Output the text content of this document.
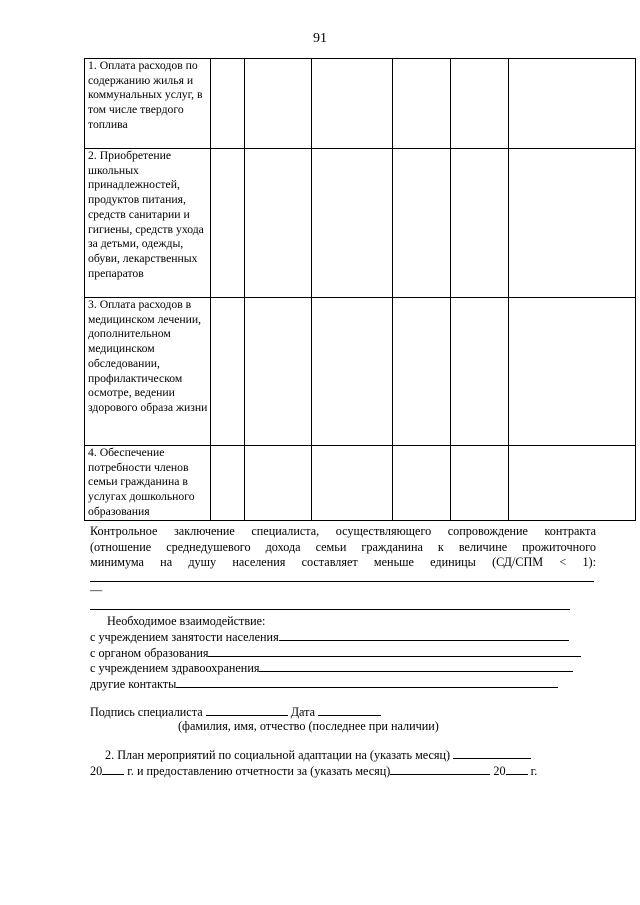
91
1. Оплата расходов по содержанию жилья и коммунальных услуг, в том числе твердого топлива						
2. Приобретение школьных принадлежностей, продуктов питания, средств санитарии и гигиены, средств ухода за детьми, одежды, обуви, лекарственных препаратов						
3. Оплата расходов в медицинском лечении, дополнительном медицинском обследовании, профилактическом осмотре, ведении здорового образа жизни						
4. Обеспечение потребности членов семьи гражданина в услугах дошкольного образования						
Контрольное заключение специалиста, осуществляющего сопровождение контракта
(отношение среднедушевого дохода семьи гражданина к величине прожиточного
минимума на душу населения составляет меньше единицы (СД/СПМ < 1):
—
Необходимое взаимодействие:
с учреждением занятости населения
с органом образования
с учреждением здравоохранения
другие контакты
Подпись специалиста	Дата
(фамилия, имя, отчество (последнее при наличии)
2. План мероприятий по социальной адаптации на (указать месяц)
20 г. и предоставлению отчетности за (указать месяц)	20 г.
